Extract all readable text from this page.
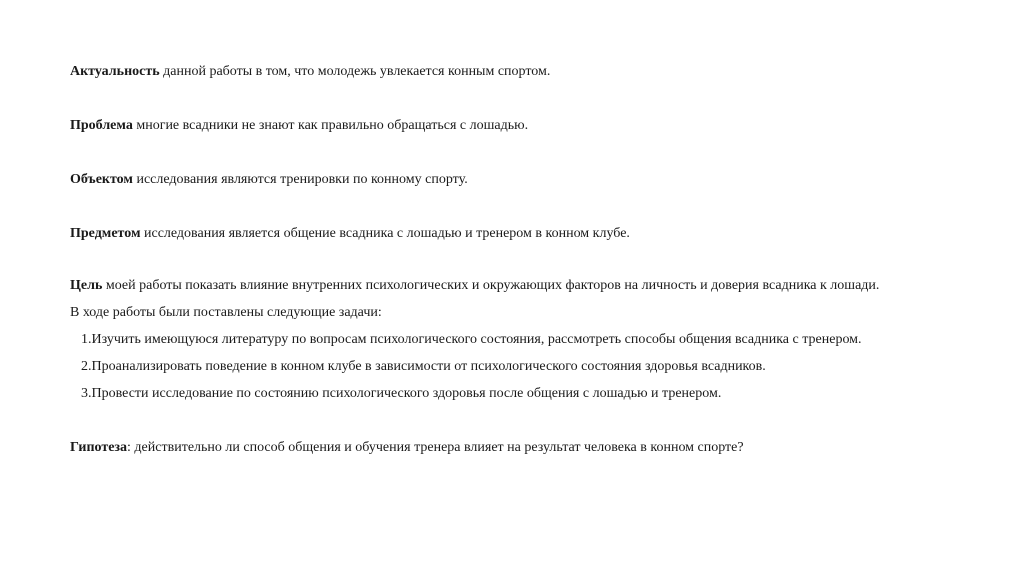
Актуальность данной работы в том, что молодежь увлекается конным спортом.
Проблема многие всадники не знают как правильно обращаться с лошадью.
Объектом исследования являются тренировки по конному спорту.
Предметом исследования является общение всадника с лошадью и тренером в конном клубе.
Цель моей работы показать влияние внутренних психологических и окружающих факторов на личность и доверия всадника к лошади.
В ходе работы были поставлены следующие задачи:
1.Изучить имеющуюся литературу по вопросам психологического состояния, рассмотреть способы общения всадника с тренером.
2.Проанализировать поведение в конном клубе в зависимости от психологического состояния здоровья всадников.
3.Провести исследование по состоянию психологического здоровья после общения с лошадью и тренером.
Гипотеза: действительно ли способ общения и обучения тренера влияет на результат человека в конном спорте?
